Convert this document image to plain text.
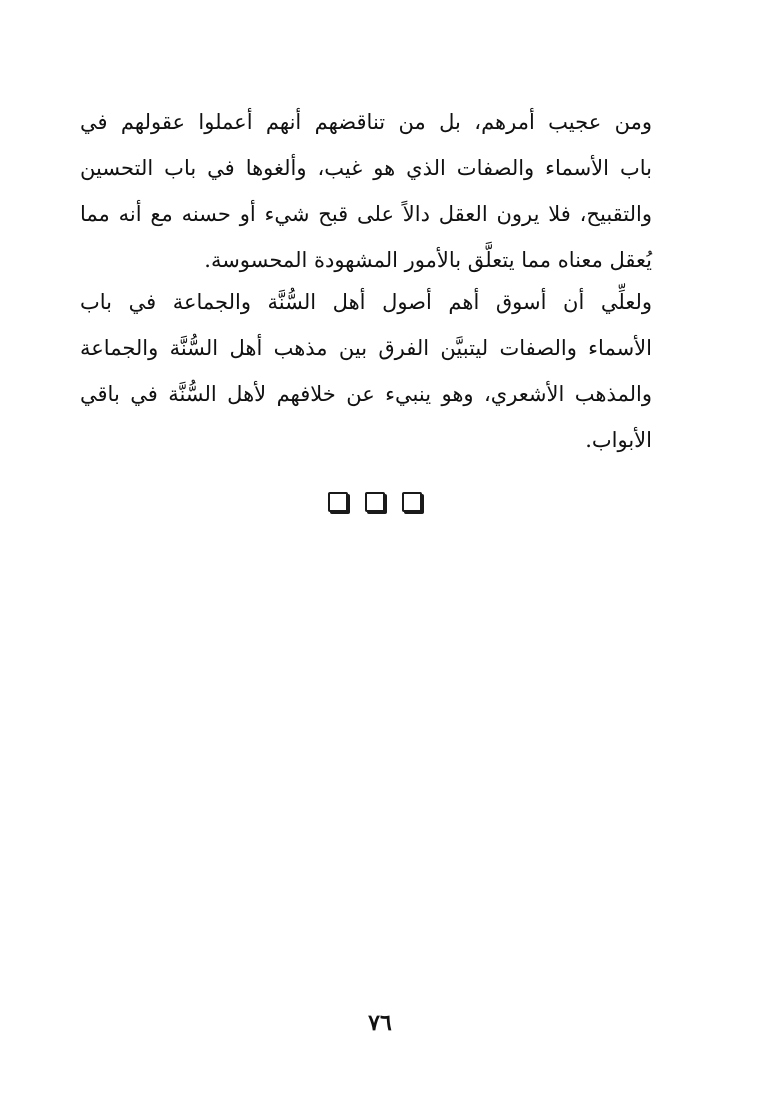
ومن عجيب أمرهم، بل من تناقضهم أنهم أعملوا عقولهم في
باب الأسماء والصفات الذي هو غيب، وألغوها في باب التحسين
والتقبيح، فلا يرون العقل دالاً على قبح شيء أو حسنه مع أنه مما
يُعقل معناه مما يتعلَّق بالأمور المشهودة المحسوسة.
ولعلِّي أن أسوق أهم أصول أهل السُّنَّة والجماعة في باب
الأسماء والصفات ليتبيَّن الفرق بين مذهب أهل السُّنَّة والجماعة
والمذهب الأشعري، وهو ينبيء عن خلافهم لأهل السُّنَّة في باقي
الأبواب.
٧٦
